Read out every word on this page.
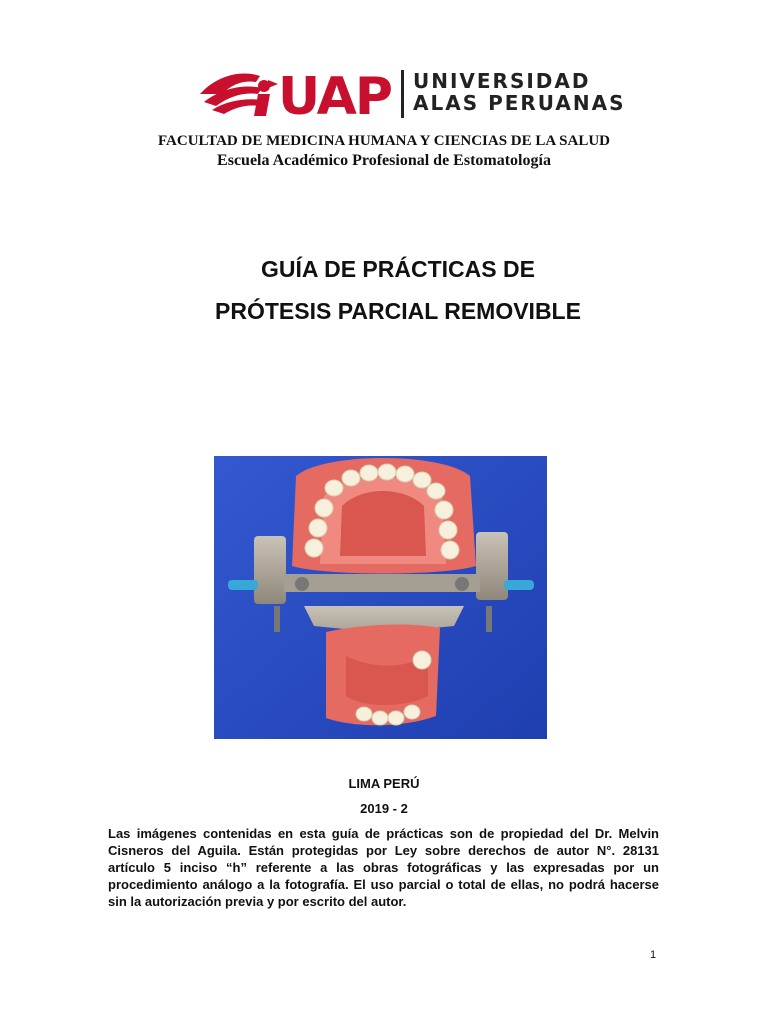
UAP UNIVERSIDAD
ALAS PERUANAS
FACULTAD DE MEDICINA HUMANA Y CIENCIAS DE LA SALUD
Escuela Académico Profesional de Estomatología
GUÍA DE PRÁCTICAS DE
PRÓTESIS PARCIAL REMOVIBLE
LIMA PERÚ
2019 - 2
Las imágenes contenidas en esta guía de prácticas son de propiedad del Dr. Melvin Cisneros del Aguila. Están protegidas por Ley sobre derechos de autor N°. 28131 artículo 5 inciso “h” referente a las obras fotográficas y las expresadas por un procedimiento análogo a la fotografía. El uso parcial o total de ellas, no podrá hacerse sin la autorización previa y por escrito del autor.
1
